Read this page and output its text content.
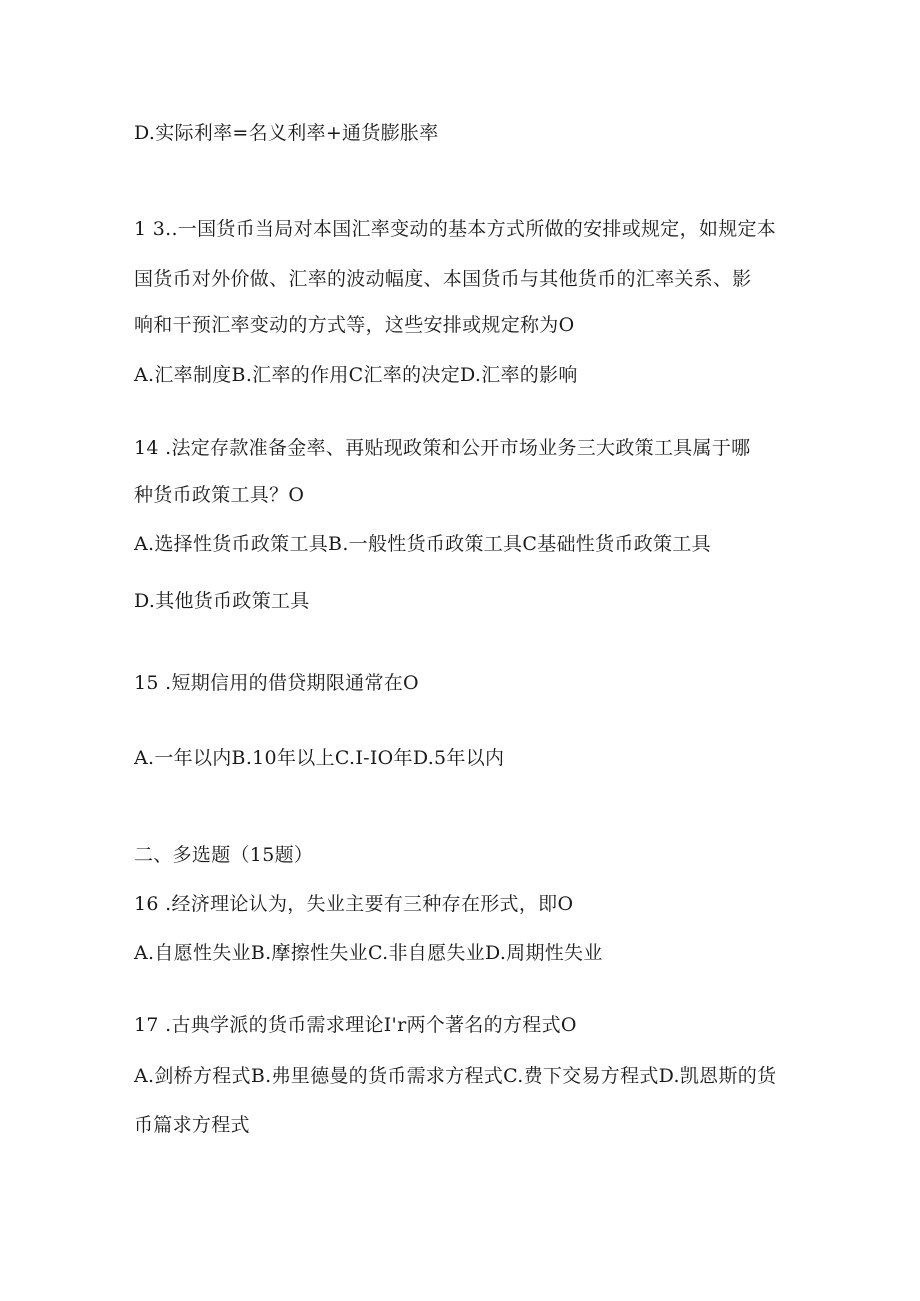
D.实际利率=名义利率+通货膨胀率
1 3..一国货币当局对本国汇率变动的基本方式所做的安排或规定，如规定本
国货币对外价做、汇率的波动幅度、本国货币与其他货币的汇率关系、影
响和干预汇率变动的方式等，这些安排或规定称为O
A.汇率制度B.汇率的作用C汇率的决定D.汇率的影响
14 .法定存款准备金率、再贴现政策和公开市场业务三大政策工具属于哪
种货币政策工具？O
A.选择性货币政策工具B.一般性货币政策工具C基础性货币政策工具
D.其他货币政策工具
15 .短期信用的借贷期限通常在O
A.一年以内B.10年以上C.I-IO年D.5年以内
二、多选题（15题）
16 .经济理论认为，失业主要有三种存在形式，即O
A.自愿性失业B.摩擦性失业C.非自愿失业D.周期性失业
17 .古典学派的货币需求理论I'r两个著名的方程式O
A.剑桥方程式B.弗里德曼的货币需求方程式C.费下交易方程式D.凯恩斯的货
币篇求方程式
